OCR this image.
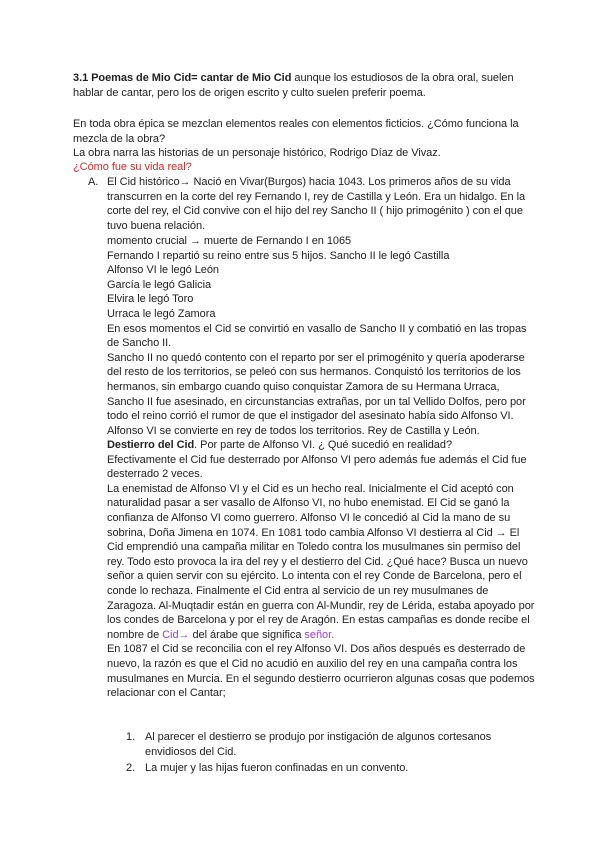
3.1 Poemas de Mio Cid= cantar de Mio Cid aunque los estudiosos de la obra oral, suelen hablar de cantar, pero los de origen escrito y culto suelen preferir poema.

En toda obra épica se mezclan elementos reales con elementos ficticios. ¿Cómo funciona la mezcla de la obra?

La obra narra las historias de un personaje histórico, Rodrigo Díaz de Vivaz.

¿Cómo fue su vida real?

A. El Cid histórico→ Nació en Vivar(Burgos) hacia 1043. Los primeros años de su vida transcurren en la corte del rey Fernando I, rey de Castilla y León. Era un hidalgo. En la corte del rey, el Cid convive con el hijo del rey Sancho II ( hijo primogénito ) con el que tuvo buena relación.
momento crucial → muerte de Fernando I en 1065
Fernando I repartió su reino entre sus 5 hijos. Sancho II le legó Castilla
Alfonso VI le legó León
García le legó Galicia
Elvira le legó Toro
Urraca le legó Zamora
En esos momentos el Cid se convirtió en vasallo de Sancho II y combatió en las tropas de Sancho II.
Sancho II no quedó contento con el reparto por ser el primogénito y quería apoderarse del resto de los territorios, se peleó con sus hermanos. Conquistó los territorios de los hermanos, sin embargo cuando quiso conquistar Zamora de su Hermana Urraca, Sancho II fue asesinado, en circunstancias extrañas, por un tal Vellido Dolfos, pero por todo el reino corrió el rumor de que el instigador del asesinato había sido Alfonso VI.
Alfonso VI se convierte en rey de todos los territorios. Rey de Castilla y León.
Destierro del Cid. Por parte de Alfonso VI. ¿ Qué sucedió en realidad?
Efectivamente el Cid fue desterrado por Alfonso VI pero además fue además el Cid fue desterrado 2 veces.
La enemistad de Alfonso VI y el Cid es un hecho real. Inicialmente el Cid aceptó con naturalidad pasar a ser vasallo de Alfonso VI, no hubo enemistad. El Cid se ganó la confianza de Alfonso VI como guerrero. Alfonso VI le concedió al Cid la mano de su sobrina, Doña Jimena en 1074. En 1081 todo cambia Alfonso VI destierra al Cid → El Cid emprendió una campaña militar en Toledo contra los musulmanes sin permiso del rey. Todo esto provoca la ira del rey y el destierro del Cid. ¿Qué hace? Busca un nuevo señor a quien servir con su ejército. Lo intenta con el rey Conde de Barcelona, pero el conde lo rechaza. Finalmente el Cid entra al servicio de un rey musulmanes de Zaragoza. Al-Muqtadir están en guerra con Al-Mundir, rey de Lérida, estaba apoyado por los condes de Barcelona y por el rey de Aragón. En estas campañas es donde recibe el nombre de Cid→ del árabe que significa señor.
En 1087 el Cid se reconcilia con el rey Alfonso VI. Dos años después es desterrado de nuevo, la razón es que el Cid no acudió en auxilio del rey en una campaña contra los musulmanes en Murcia. En el segundo destierro ocurrieron algunas cosas que podemos relacionar con el Cantar;
1. Al parecer el destierro se produjo por instigación de algunos cortesanos envidiosos del Cid.
2. La mujer y las hijas fueron confinadas en un convento.
